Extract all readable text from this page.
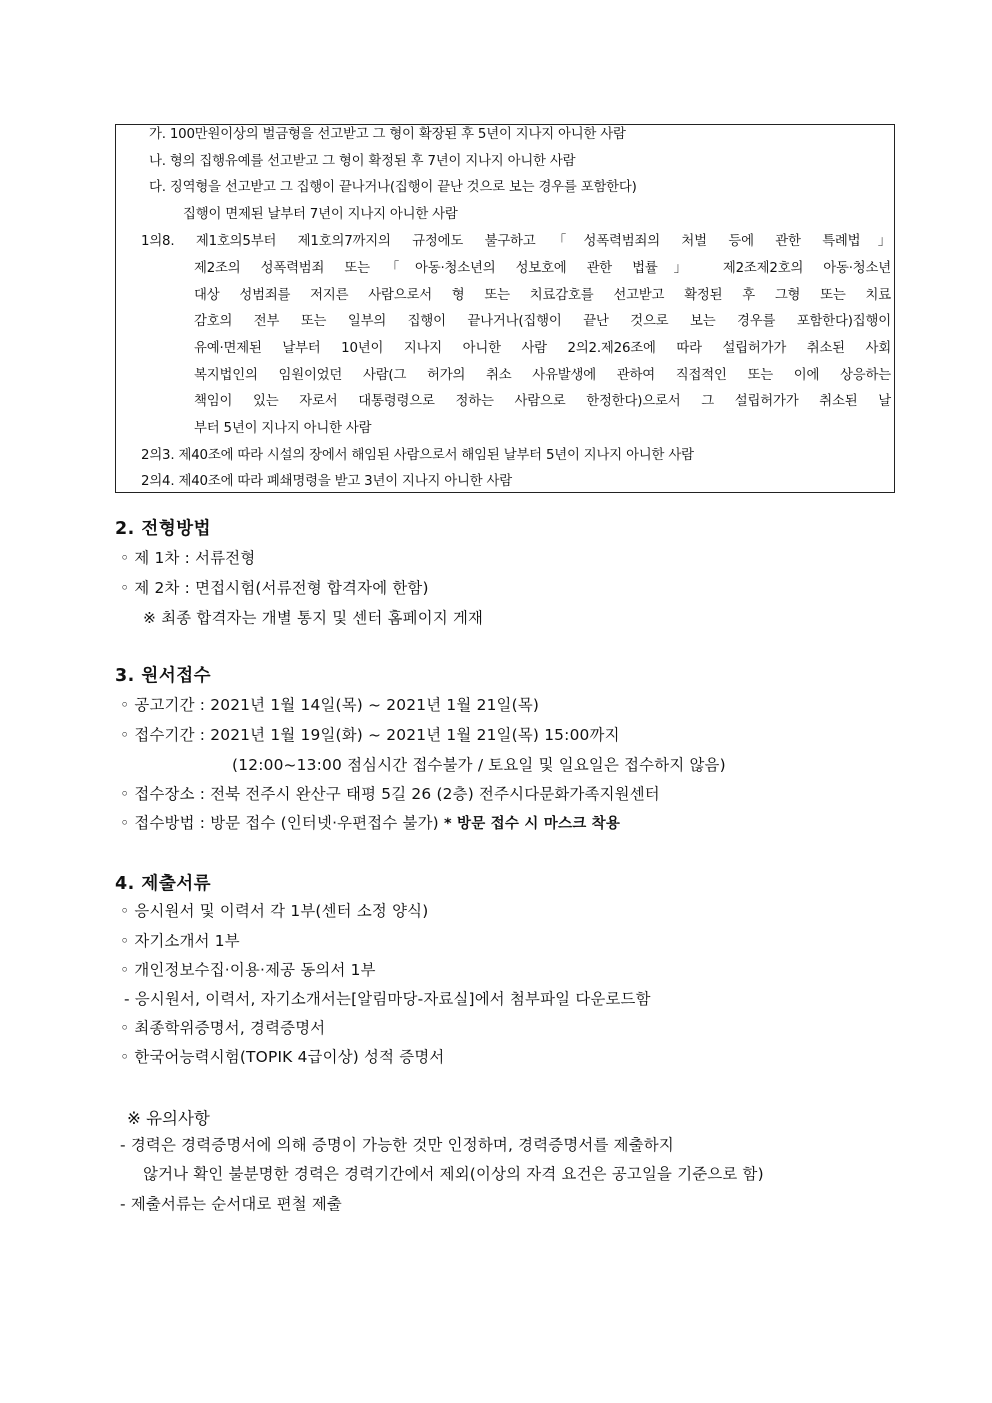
가. 100만원이상의 벌금형을 선고받고 그 형이 확장된 후 5년이 지나지 아니한 사람
나. 형의 집행유예를 선고받고 그 형이 확정된 후 7년이 지나지 아니한 사람
다. 징역형을 선고받고 그 집행이 끝나거나(집행이 끝난 것으로 보는 경우를 포함한다)
집행이 면제된 날부터 7년이 지나지 아니한 사람
1의8. 제1호의5부터 제1호의7까지의 규정에도 불구하고「성폭력범죄의 처벌 등에 관한 특례법」
제2조의 성폭력범죄 또는「아동·청소년의 성보호에 관한 법률」 제2조제2호의 아동·청소년
대상 성범죄를 저지른 사람으로서 형 또는 치료감호를 선고받고 확정된 후 그형 또는 치료
감호의 전부 또는 일부의 집행이 끝나거나(집행이 끝난 것으로 보는 경우를 포함한다)집행이
유예·면제된 날부터 10년이 지나지 아니한 사람 2의2.제26조에 따라 설립허가가 취소된 사회
복지법인의 임원이었던 사람(그 허가의 취소 사유발생에 관하여 직접적인 또는 이에 상응하는
책임이 있는 자로서 대통령령으로 정하는 사람으로 한정한다)으로서 그 설립허가가 취소된 날
부터 5년이 지나지 아니한 사람
2의3. 제40조에 따라 시설의 장에서 해임된 사람으로서 해임된 날부터 5년이 지나지 아니한 사람
2의4. 제40조에 따라 폐쇄명령을 받고 3년이 지나지 아니한 사람
2. 전형방법
◦ 제 1차 : 서류전형
◦ 제 2차 : 면접시험(서류전형 합격자에 한함)
※ 최종 합격자는 개별 통지 및 센터 홈페이지 게재
3. 원서접수
◦ 공고기간 : 2021년 1월 14일(목) ~ 2021년 1월 21일(목)
◦ 접수기간 : 2021년 1월 19일(화) ~ 2021년 1월 21일(목) 15:00까지
(12:00~13:00 점심시간 접수불가 / 토요일 및 일요일은 접수하지 않음)
◦ 접수장소 : 전북 전주시 완산구 태평 5길 26 (2층) 전주시다문화가족지원센터
◦ 접수방법 : 방문 접수 (인터넷·우편접수 불가) * 방문 접수 시 마스크 착용
4. 제출서류
◦ 응시원서 및 이력서 각 1부(센터 소정 양식)
◦ 자기소개서 1부
◦ 개인정보수집·이용·제공 동의서 1부
- 응시원서, 이력서, 자기소개서는[알림마당-자료실]에서 첨부파일 다운로드함
◦ 최종학위증명서, 경력증명서
◦ 한국어능력시험(TOPIK 4급이상) 성적 증명서
※ 유의사항
- 경력은 경력증명서에 의해 증명이 가능한 것만 인정하며, 경력증명서를 제출하지
않거나 확인 불분명한 경력은 경력기간에서 제외(이상의 자격 요건은 공고일을 기준으로 함)
- 제출서류는 순서대로 편철 제출
